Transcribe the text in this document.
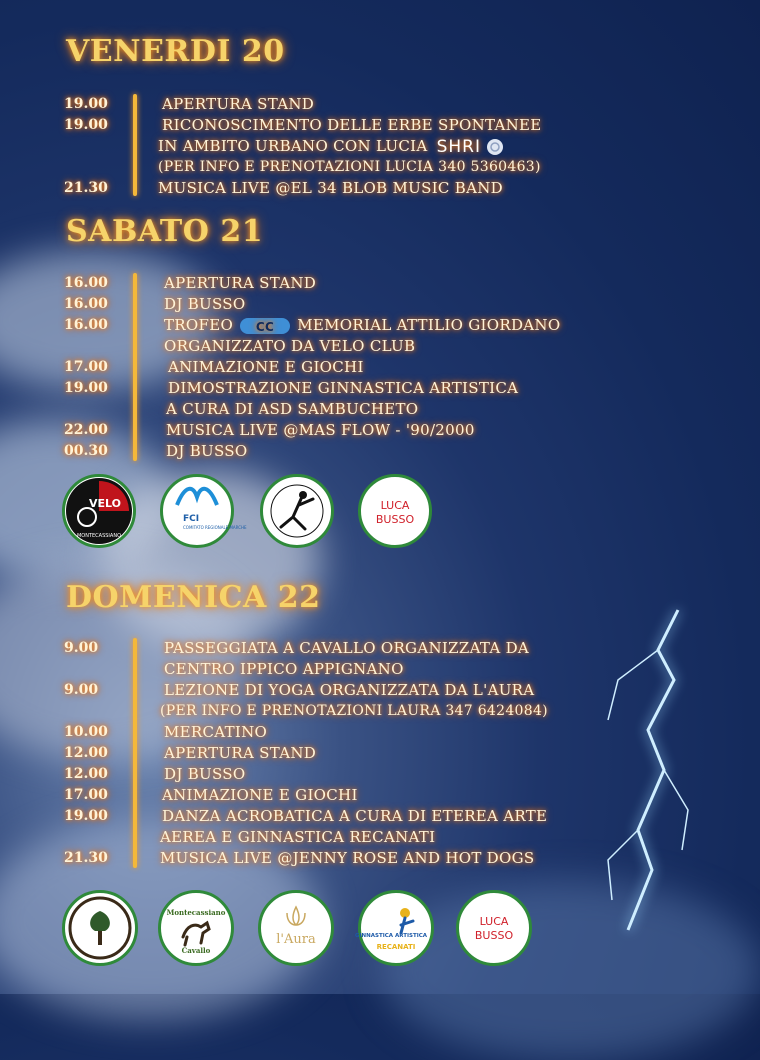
VENERDI 20
19.00	APERTURA STAND
19.00	RICONOSCIMENTO DELLE ERBE SPONTANEE
IN AMBITO URBANO CON LUCIA SHRI
(PER INFO E PRENOTAZIONI LUCIA 340 5360463)
21.30	MUSICA LIVE @EL 34 BLOB MUSIC BAND
SABATO 21
16.00	APERTURA STAND
16.00	DJ BUSSO
16.00	TROFEO CC MEMORIAL ATTILIO GIORDANO
ORGANIZZATO DA VELO CLUB
17.00	ANIMAZIONE E GIOCHI
19.00	DIMOSTRAZIONE GINNASTICA ARTISTICA
A CURA DI ASD SAMBUCHETO
22.00	MUSICA LIVE @MAS FLOW - '90/2000
00.30	DJ BUSSO
VELO
MONTECASSIANO
FCI
COMITATO REGIONALE MARCHE
LUCA
BUSSO
DOMENICA 22
9.00	PASSEGGIATA A CAVALLO ORGANIZZATA DA
CENTRO IPPICO APPIGNANO
9.00	LEZIONE DI YOGA ORGANIZZATA DA L'AURA
(PER INFO E PRENOTAZIONI LAURA 347 6424084)
10.00	MERCATINO
12.00	APERTURA STAND
12.00	DJ BUSSO
17.00	ANIMAZIONE E GIOCHI
19.00	DANZA ACROBATICA A CURA DI ETEREA ARTE
AEREA E GINNASTICA RECANATI
21.30	MUSICA LIVE @JENNY ROSE AND HOT DOGS
Montecassiano
Cavallo
l'Aura	GINNASTICA ARTISTICA
RECANATI
LUCA
BUSSO
